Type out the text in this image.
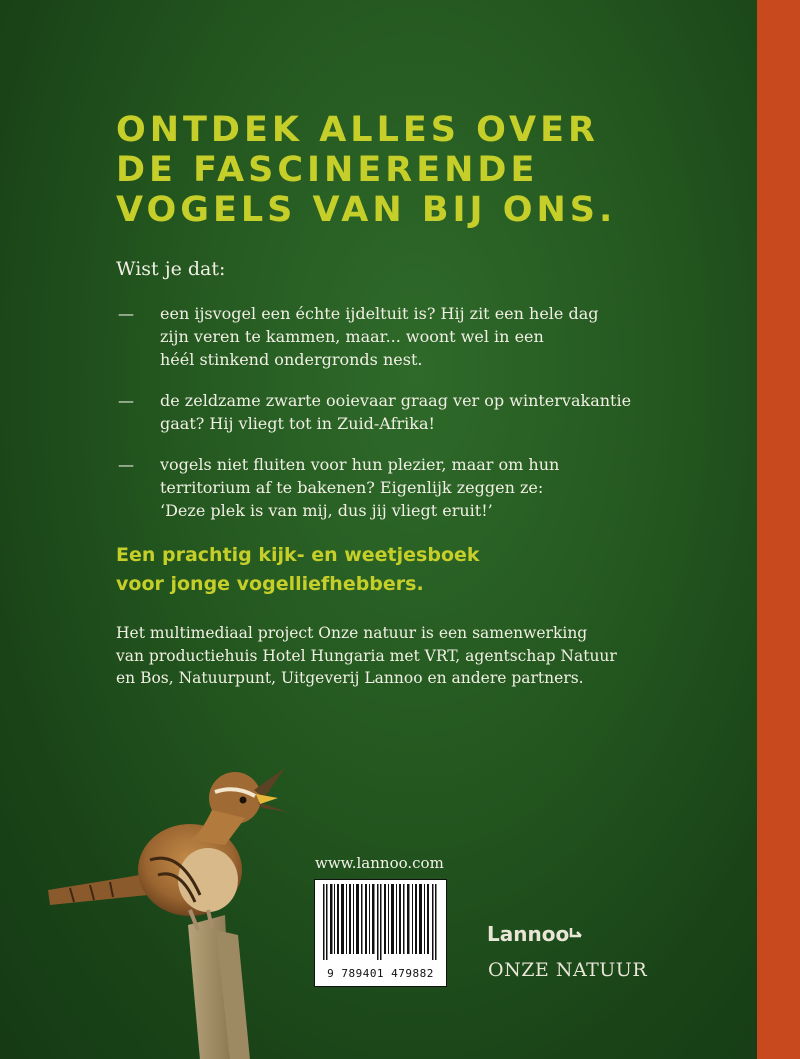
ONTDEK ALLES OVER
DE FASCINERENDE
VOGELS VAN BIJ ONS.

Wist je dat:

— een ijsvogel een échte ijdeltuit is? Hij zit een hele dag
zijn veren te kammen, maar... woont wel in een
héél stinkend ondergronds nest.
— de zeldzame zwarte ooievaar graag ver op wintervakantie
gaat? Hij vliegt tot in Zuid-Afrika!
— vogels niet fluiten voor hun plezier, maar om hun
territorium af te bakenen? Eigenlijk zeggen ze:
‘Deze plek is van mij, dus jij vliegt eruit!’

Een prachtig kijk- en weetjesboek
voor jonge vogelliefhebbers.

Het multimediaal project Onze natuur is een samenwerking
van productiehuis Hotel Hungaria met VRT, agentschap Natuur
en Bos, Natuurpunt, Uitgeverij Lannoo en andere partners.

www.lannoo.com
9 789401 479882
Lannoo
ONZE NATUUR
